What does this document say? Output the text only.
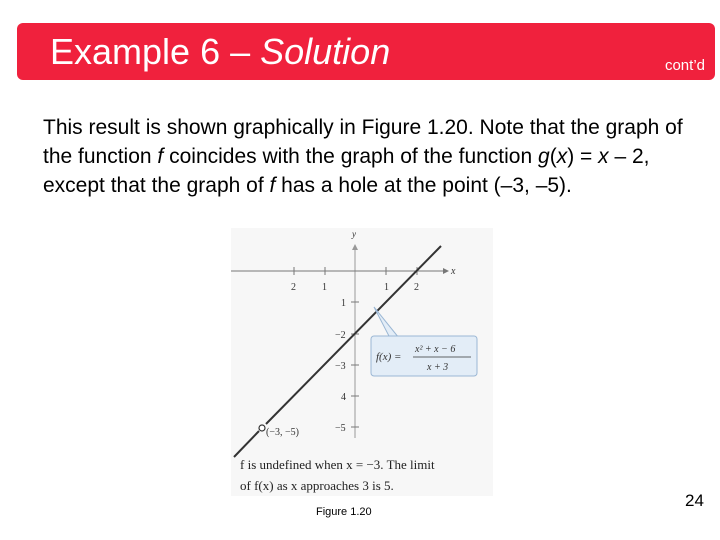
Example 6 – Solution	cont’d
This result is shown graphically in Figure 1.20. Note that the graph of the function f coincides with the graph of the function g(x) = x – 2, except that the graph of f has a hole at the point (–3, –5).
y
x
2	1	1	2
1
−2
−3
4
−5
(−3, −5)
f(x) =
x² + x − 6
x + 3
f is undefined when x = −3. The limit
of f(x) as x approaches 3 is 5.
Figure 1.20
24
